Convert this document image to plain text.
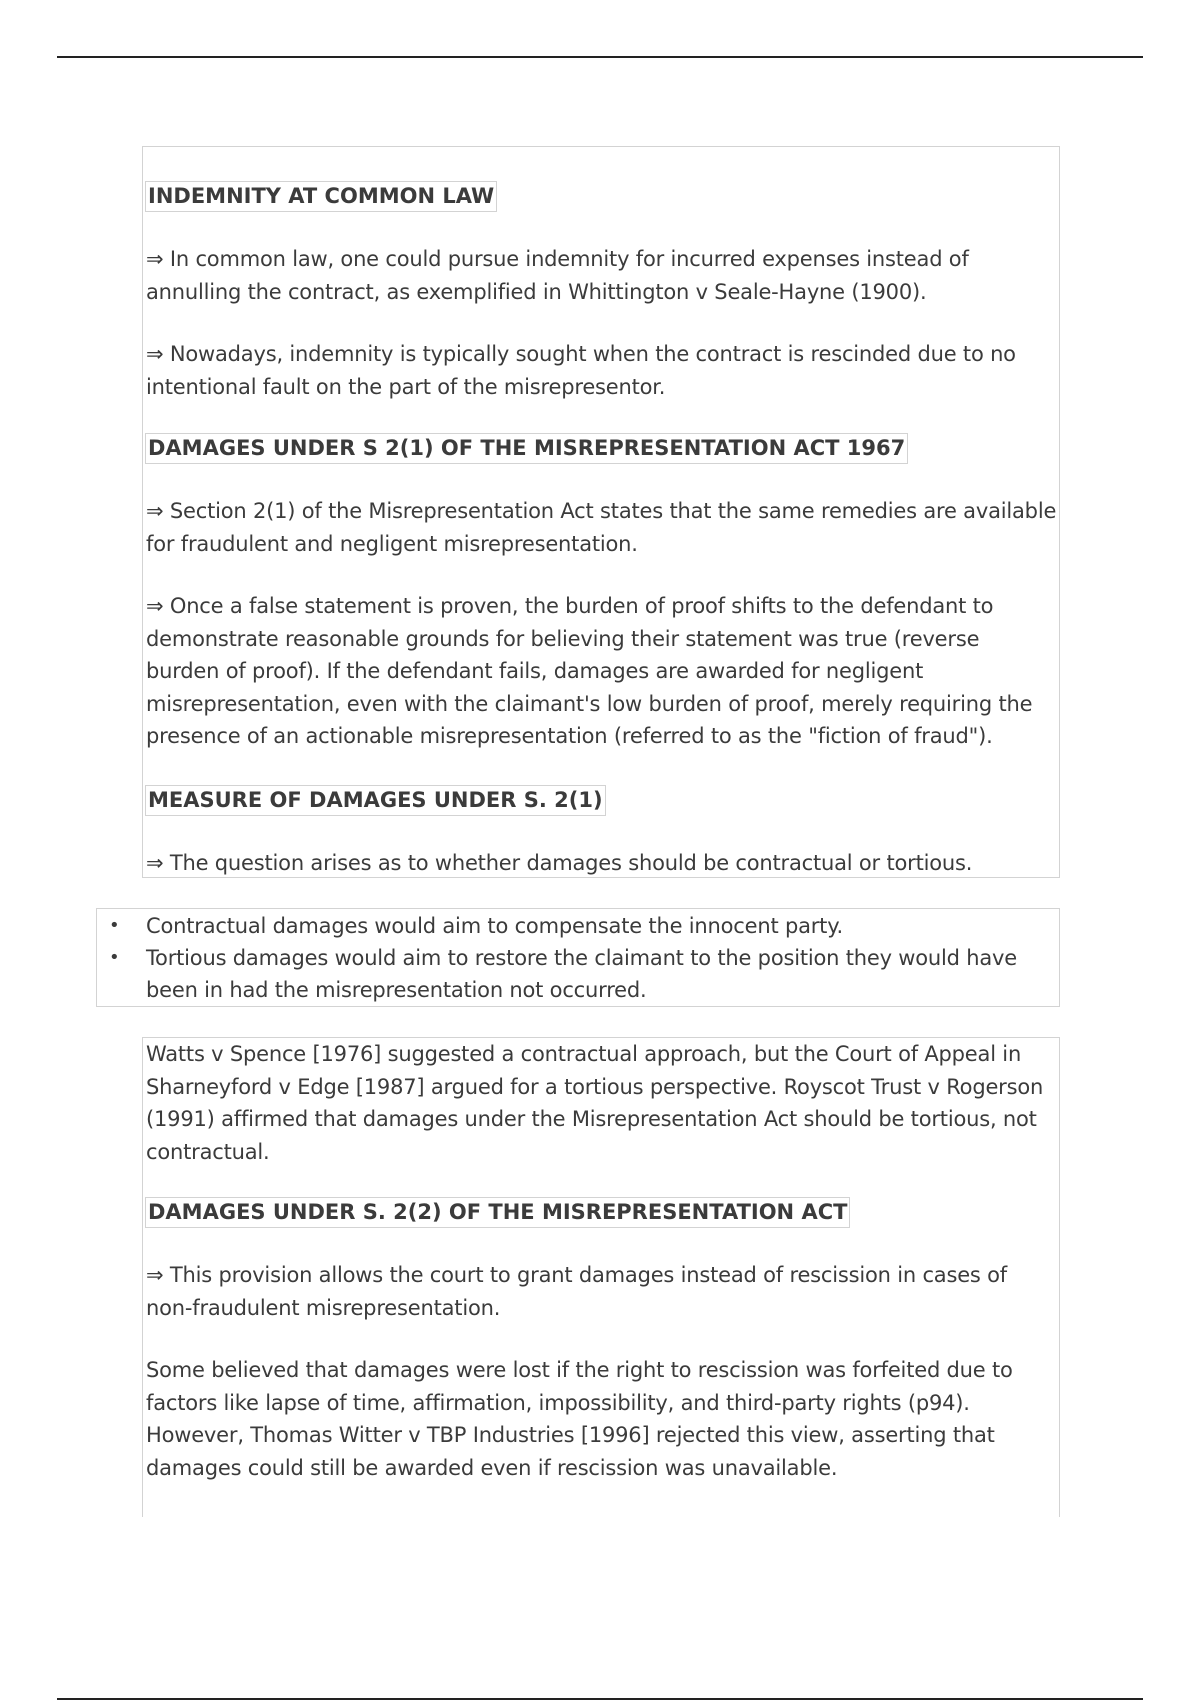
INDEMNITY AT COMMON LAW
⇒ In common law, one could pursue indemnity for incurred expenses instead of annulling the contract, as exemplified in Whittington v Seale-Hayne (1900).
⇒ Nowadays, indemnity is typically sought when the contract is rescinded due to no intentional fault on the part of the misrepresentor.
DAMAGES UNDER S 2(1) OF THE MISREPRESENTATION ACT 1967
⇒ Section 2(1) of the Misrepresentation Act states that the same remedies are available for fraudulent and negligent misrepresentation.
⇒ Once a false statement is proven, the burden of proof shifts to the defendant to demonstrate reasonable grounds for believing their statement was true (reverse burden of proof). If the defendant fails, damages are awarded for negligent misrepresentation, even with the claimant's low burden of proof, merely requiring the presence of an actionable misrepresentation (referred to as the "fiction of fraud").
MEASURE OF DAMAGES UNDER S. 2(1)
⇒ The question arises as to whether damages should be contractual or tortious.
• Contractual damages would aim to compensate the innocent party.
• Tortious damages would aim to restore the claimant to the position they would have been in had the misrepresentation not occurred.
Watts v Spence [1976] suggested a contractual approach, but the Court of Appeal in Sharneyford v Edge [1987] argued for a tortious perspective. Royscot Trust v Rogerson (1991) affirmed that damages under the Misrepresentation Act should be tortious, not contractual.
DAMAGES UNDER S. 2(2) OF THE MISREPRESENTATION ACT
⇒ This provision allows the court to grant damages instead of rescission in cases of non-fraudulent misrepresentation.
Some believed that damages were lost if the right to rescission was forfeited due to factors like lapse of time, affirmation, impossibility, and third-party rights (p94). However, Thomas Witter v TBP Industries [1996] rejected this view, asserting that damages could still be awarded even if rescission was unavailable.
